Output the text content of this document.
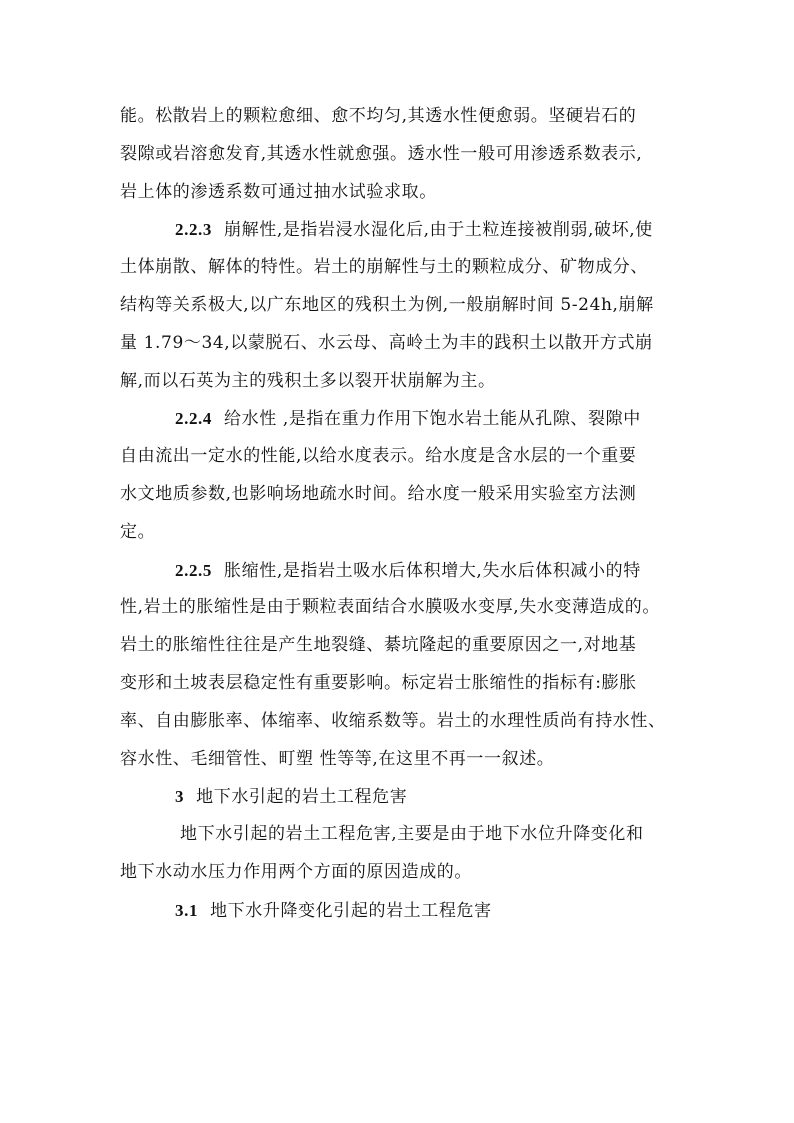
能。松散岩上的颗粒愈细、愈不均匀,其透水性便愈弱。坚硬岩石的
裂隙或岩溶愈发育,其透水性就愈强。透水性一般可用渗透系数表示,
岩上体的渗透系数可通过抽水试验求取。
2.2.3 崩解性,是指岩浸水湿化后,由于土粒连接被削弱,破坏,使
土体崩散、解体的特性。岩土的崩解性与土的颗粒成分、矿物成分、
结构等关系极大,以广东地区的残积土为例,一般崩解时间 5-24h,崩解
量 1.79～34,以蒙脱石、水云母、高岭土为丰的践积土以散开方式崩
解,而以石英为主的残积土多以裂开状崩解为主。
2.2.4 给水性 ,是指在重力作用下饱水岩土能从孔隙、裂隙中
自由流出一定水的性能,以给水度表示。给水度是含水层的一个重要
水文地质参数,也影响场地疏水时间。给水度一般采用实验室方法测
定。
2.2.5 胀缩性,是指岩土吸水后体积增大,失水后体积减小的特
性,岩土的胀缩性是由于颗粒表面结合水膜吸水变厚,失水变薄造成的。
岩土的胀缩性往往是产生地裂缝、綦坑隆起的重要原因之一,对地基
变形和土坡表层稳定性有重要影响。标定岩士胀缩性的指标有:膨胀
率、自由膨胀率、体缩率、收缩系数等。岩土的水理性质尚有持水性、
容水性、毛细管性、町塑 性等等,在这里不再一一叙述。
3 地下水引起的岩土工程危害
地下水引起的岩土工程危害,主要是由于地下水位升降变化和
地下水动水压力作用两个方面的原因造成的。
3.1 地下水升降变化引起的岩土工程危害
